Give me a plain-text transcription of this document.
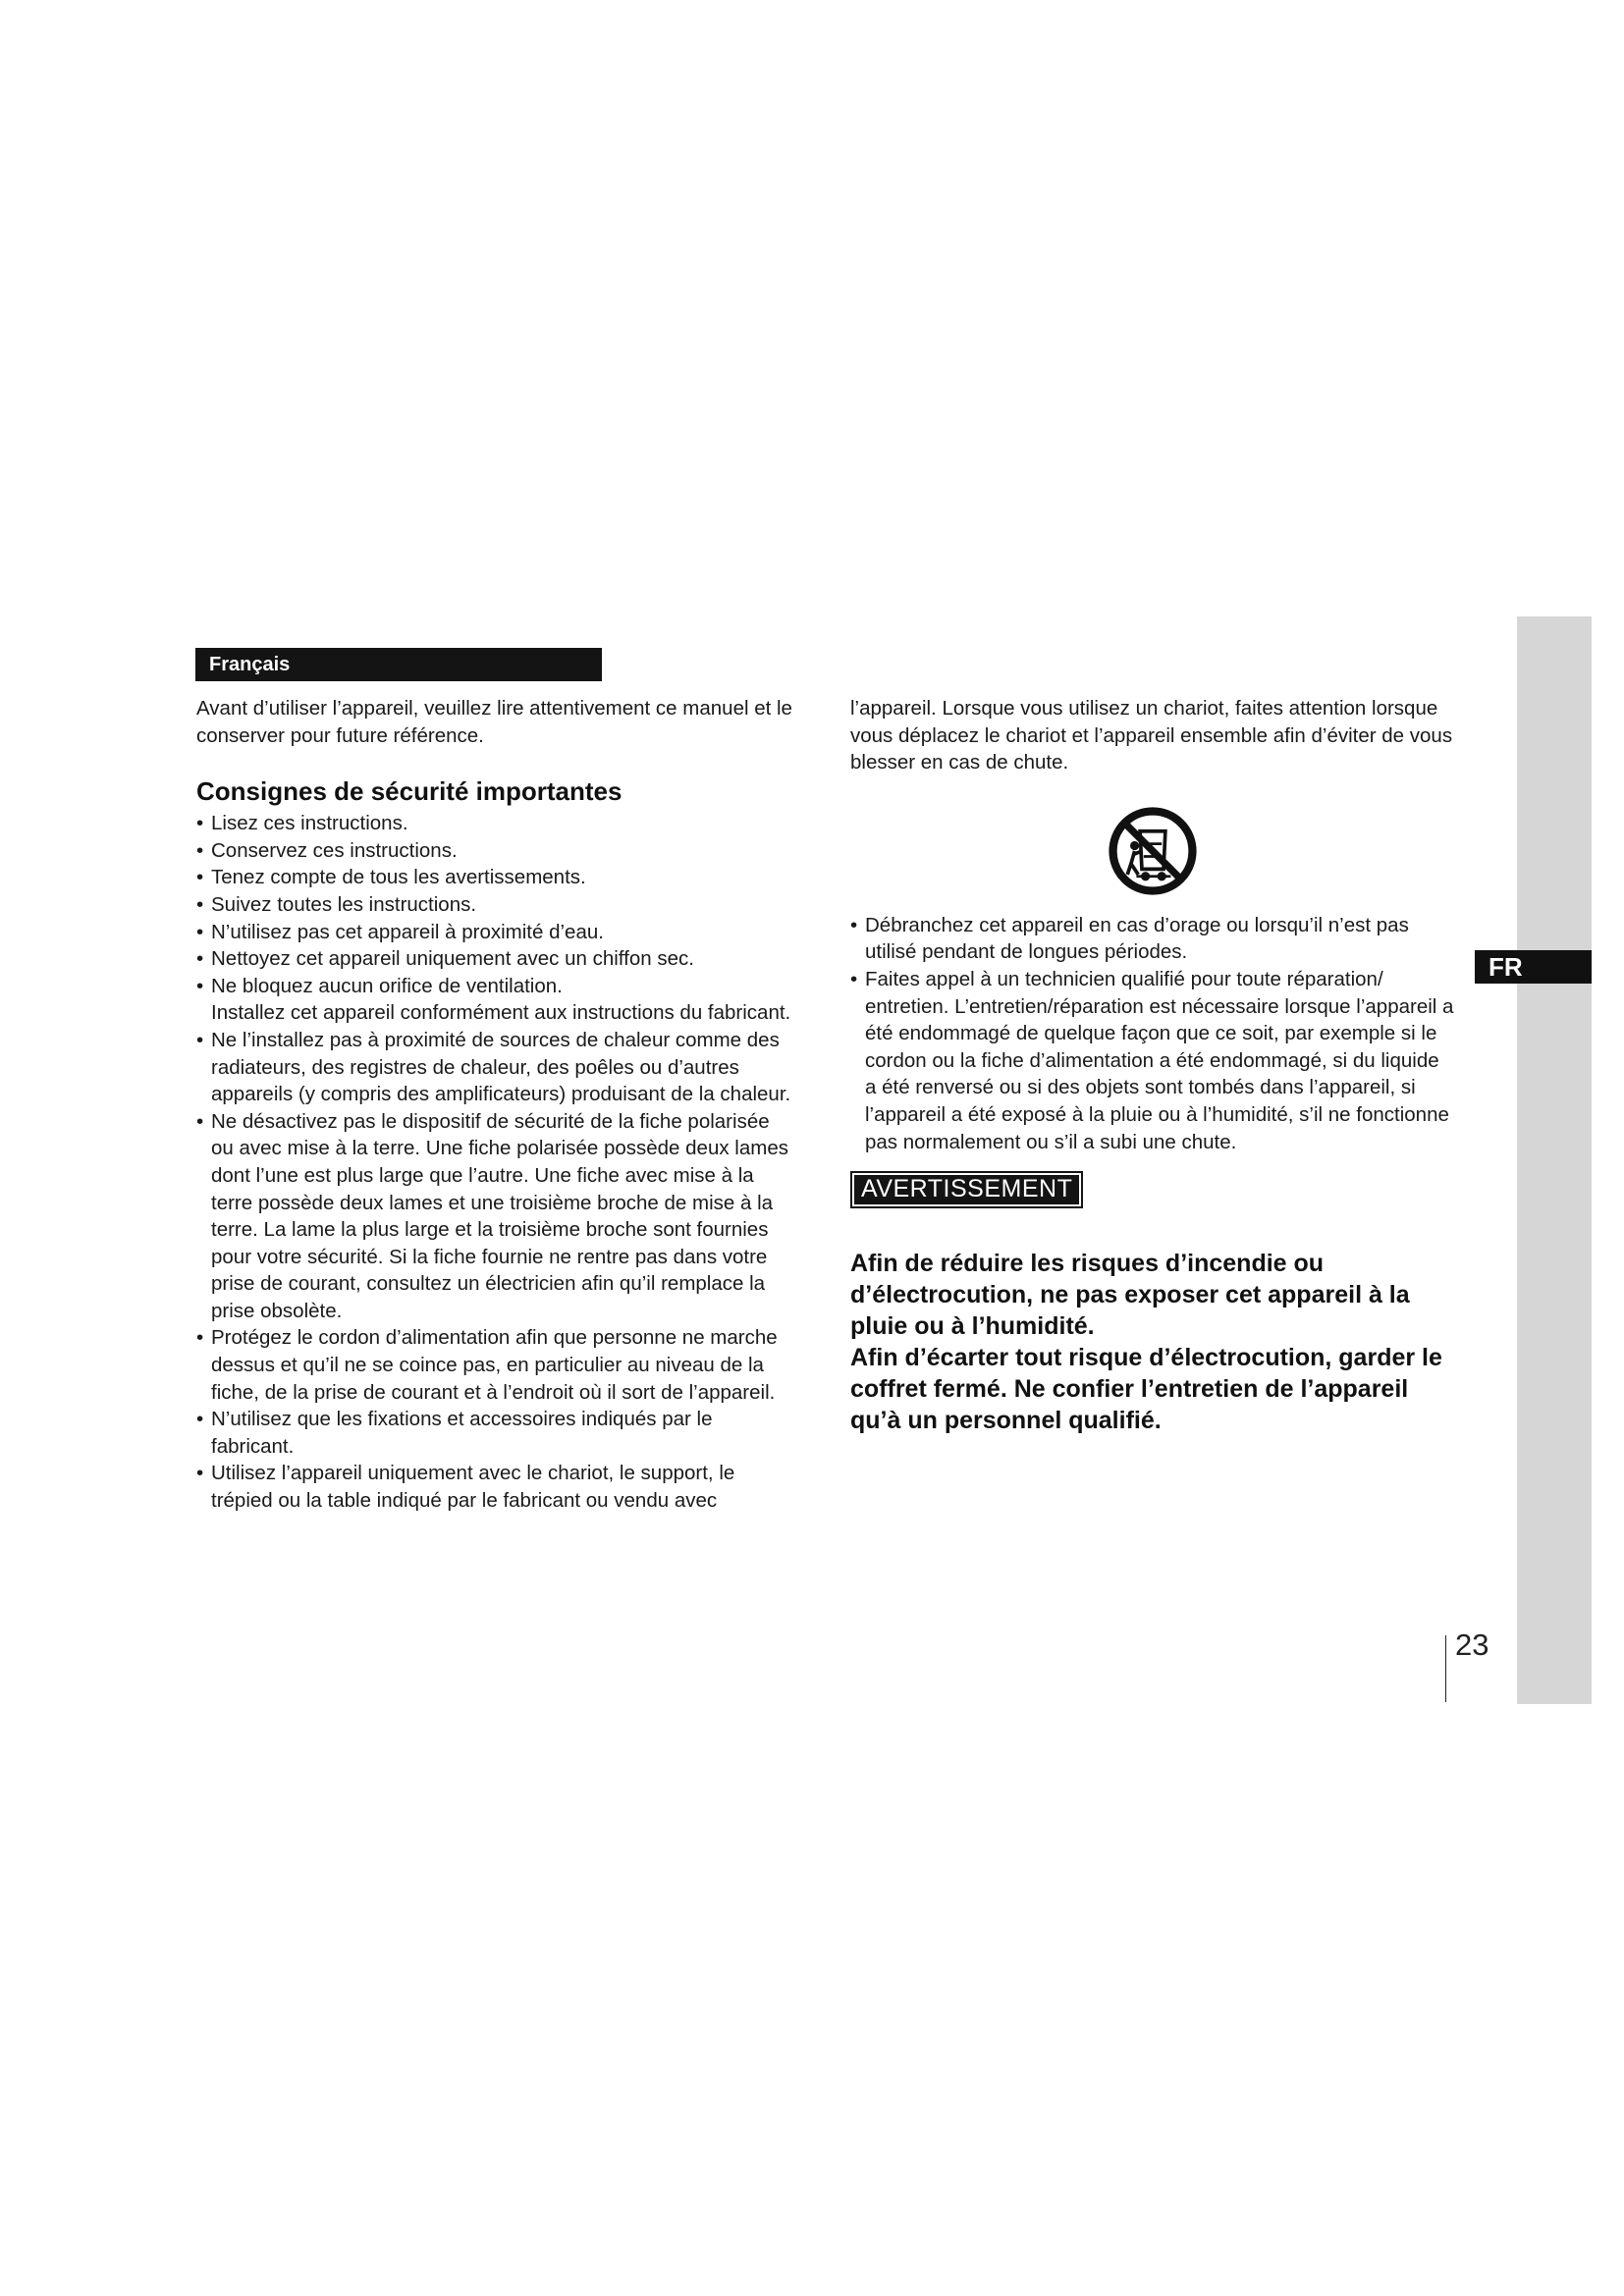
FR
23
Français

Avant d’utiliser l’appareil, veuillez lire attentivement ce manuel et le conserver pour future référence.

Consignes de sécurité importantes
• Lisez ces instructions.
• Conservez ces instructions.
• Tenez compte de tous les avertissements.
• Suivez toutes les instructions.
• N’utilisez pas cet appareil à proximité d’eau.
• Nettoyez cet appareil uniquement avec un chiffon sec.
• Ne bloquez aucun orifice de ventilation.

Installez cet appareil conformément aux instructions du fabricant.

• Ne l’installez pas à proximité de sources de chaleur comme des radiateurs, des registres de chaleur, des poêles ou d’autres appareils (y compris des amplificateurs) produisant de la chaleur.
• Ne désactivez pas le dispositif de sécurité de la fiche polarisée ou avec mise à la terre. Une fiche polarisée possède deux lames dont l’une est plus large que l’autre. Une fiche avec mise à la terre possède deux lames et une troisième broche de mise à la terre. La lame la plus large et la troisième broche sont fournies pour votre sécurité. Si la fiche fournie ne rentre pas dans votre prise de courant, consultez un électricien afin qu’il remplace la prise obsolète.
• Protégez le cordon d’alimentation afin que personne ne marche dessus et qu’il ne se coince pas, en particulier au niveau de la fiche, de la prise de courant et à l’endroit où il sort de l’appareil.
• N’utilisez que les fixations et accessoires indiqués par le fabricant.
• Utilisez l’appareil uniquement avec le chariot, le support, le trépied ou la table indiqué par le fabricant ou vendu avec

l’appareil. Lorsque vous utilisez un chariot, faites attention lorsque vous déplacez le chariot et l’appareil ensemble afin d’éviter de vous blesser en cas de chute.

• Débranchez cet appareil en cas d’orage ou lorsqu’il n’est pas utilisé pendant de longues périodes.
• Faites appel à un technicien qualifié pour toute réparation/ entretien. L’entretien/réparation est nécessaire lorsque l’appareil a été endommagé de quelque façon que ce soit, par exemple si le cordon ou la fiche d’alimentation a été endommagé, si du liquide a été renversé ou si des objets sont tombés dans l’appareil, si l’appareil a été exposé à la pluie ou à l’humidité, s’il ne fonctionne pas normalement ou s’il a subi une chute.
AVERTISSEMENT

Afin de réduire les risques d’incendie ou d’électrocution, ne pas exposer cet appareil à la pluie ou à l’humidité.

Afin d’écarter tout risque d’électrocution, garder le coffret fermé. Ne confier l’entretien de l’appareil qu’à un personnel qualifié.
